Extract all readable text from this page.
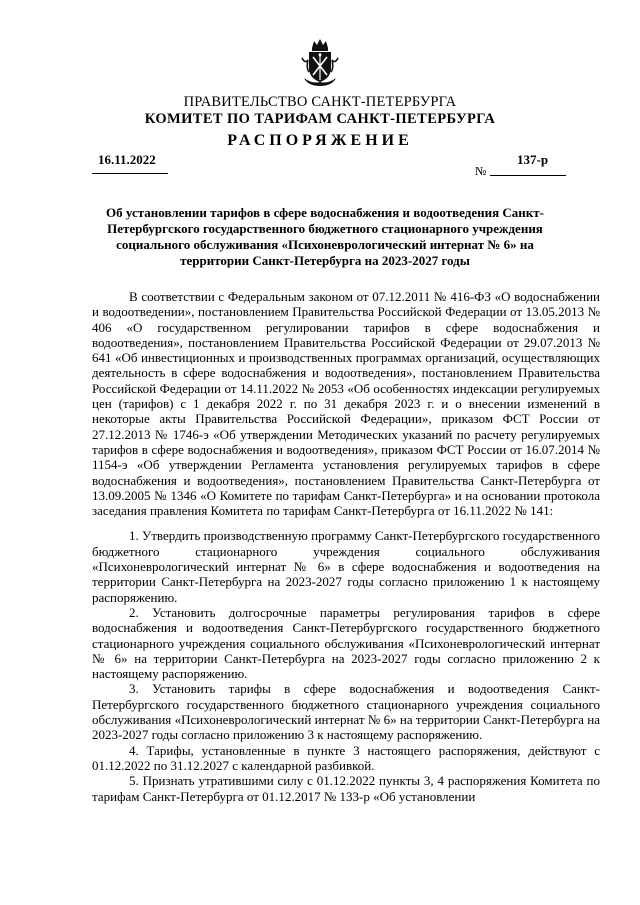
ПРАВИТЕЛЬСТВО САНКТ-ПЕТЕРБУРГА
КОМИТЕТ ПО ТАРИФАМ САНКТ-ПЕТЕРБУРГА
РАСПОРЯЖЕНИЕ
16.11.2022
№
137-р
Об установлении тарифов в сфере водоснабжения и водоотведения Санкт-Петербургского государственного бюджетного стационарного учреждения социального обслуживания «Психоневрологический интернат № 6» на территории Санкт-Петербурга на 2023-2027 годы

В соответствии с Федеральным законом от 07.12.2011 № 416-ФЗ «О водоснабжении и водоотведении», постановлением Правительства Российской Федерации от 13.05.2013 № 406 «О государственном регулировании тарифов в сфере водоснабжения и водоотведения», постановлением Правительства Российской Федерации от 29.07.2013 № 641 «Об инвестиционных и производственных программах организаций, осуществляющих деятельность в сфере водоснабжения и водоотведения», постановлением Правительства Российской Федерации от 14.11.2022 № 2053 «Об особенностях индексации регулируемых цен (тарифов) с 1 декабря 2022 г. по 31 декабря 2023 г. и о внесении изменений в некоторые акты Правительства Российской Федерации», приказом ФСТ России от 27.12.2013 № 1746-э «Об утверждении Методических указаний по расчету регулируемых тарифов в сфере водоснабжения и водоотведения», приказом ФСТ России от 16.07.2014 № 1154-э «Об утверждении Регламента установления регулируемых тарифов в сфере водоснабжения и водоотведения», постановлением Правительства Санкт-Петербурга от 13.09.2005 № 1346 «О Комитете по тарифам Санкт-Петербурга» и на основании протокола заседания правления Комитета по тарифам Санкт-Петербурга от 16.11.2022 № 141:

1. Утвердить производственную программу Санкт-Петербургского государственного бюджетного стационарного учреждения социального обслуживания «Психоневрологический интернат № 6» в сфере водоснабжения и водоотведения на территории Санкт-Петербурга на 2023-2027 годы согласно приложению 1 к настоящему распоряжению.

2. Установить долгосрочные параметры регулирования тарифов в сфере водоснабжения и водоотведения Санкт-Петербургского государственного бюджетного стационарного учреждения социального обслуживания «Психоневрологический интернат № 6» на территории Санкт-Петербурга на 2023-2027 годы согласно приложению 2 к настоящему распоряжению.

3. Установить тарифы в сфере водоснабжения и водоотведения Санкт-Петербургского государственного бюджетного стационарного учреждения социального обслуживания «Психоневрологический интернат № 6» на территории Санкт-Петербурга на 2023-2027 годы согласно приложению 3 к настоящему распоряжению.

4. Тарифы, установленные в пункте 3 настоящего распоряжения, действуют с 01.12.2022 по 31.12.2027 с календарной разбивкой.

5. Признать утратившими силу с 01.12.2022 пункты 3, 4 распоряжения Комитета по тарифам Санкт-Петербурга от 01.12.2017 № 133-р «Об установлении
